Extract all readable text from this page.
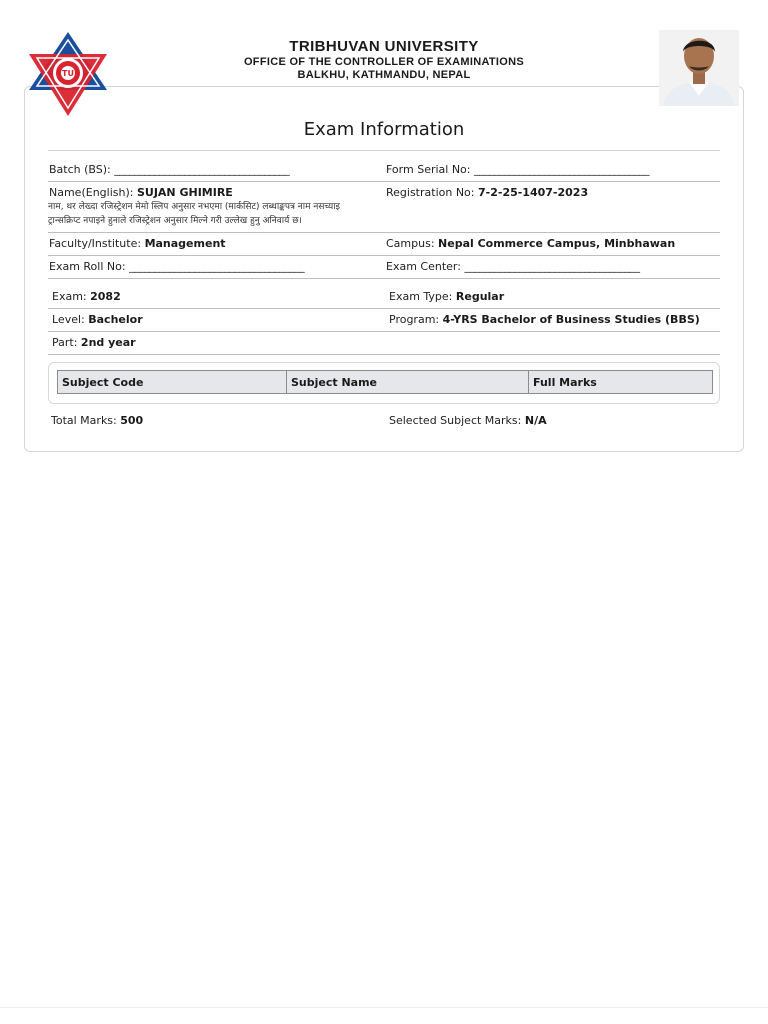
TU
TRIBHUVAN UNIVERSITY
OFFICE OF THE CONTROLLER OF EXAMINATIONS
BALKHU, KATHMANDU, NEPAL
Exam Information
Batch (BS): ___________________________________	Form Serial No: ___________________________________
Name(English): SUJAN GHIMIRE
नाम, थर लेख्दा रजिस्ट्रेशन मेमो स्लिप अनुसार नभएमा (मार्कसिट) लब्धाङ्कपत्र नाम नसच्याइ
ट्रान्सक्रिप्ट नपाइने हुनाले रजिस्ट्रेशन अनुसार मिल्ने गरी उल्लेख हुनु अनिवार्य छ।
Registration No: 7-2-25-1407-2023
Faculty/Institute: Management	Campus: Nepal Commerce Campus, Minbhawan
Exam Roll No: ___________________________________	Exam Center: ___________________________________
Exam: 2082	Exam Type: Regular
Level: Bachelor	Program: 4-YRS Bachelor of Business Studies (BBS)
Part: 2nd year
Subject Code	Subject Name	Full Marks
Total Marks: 500	Selected Subject Marks: N/A
